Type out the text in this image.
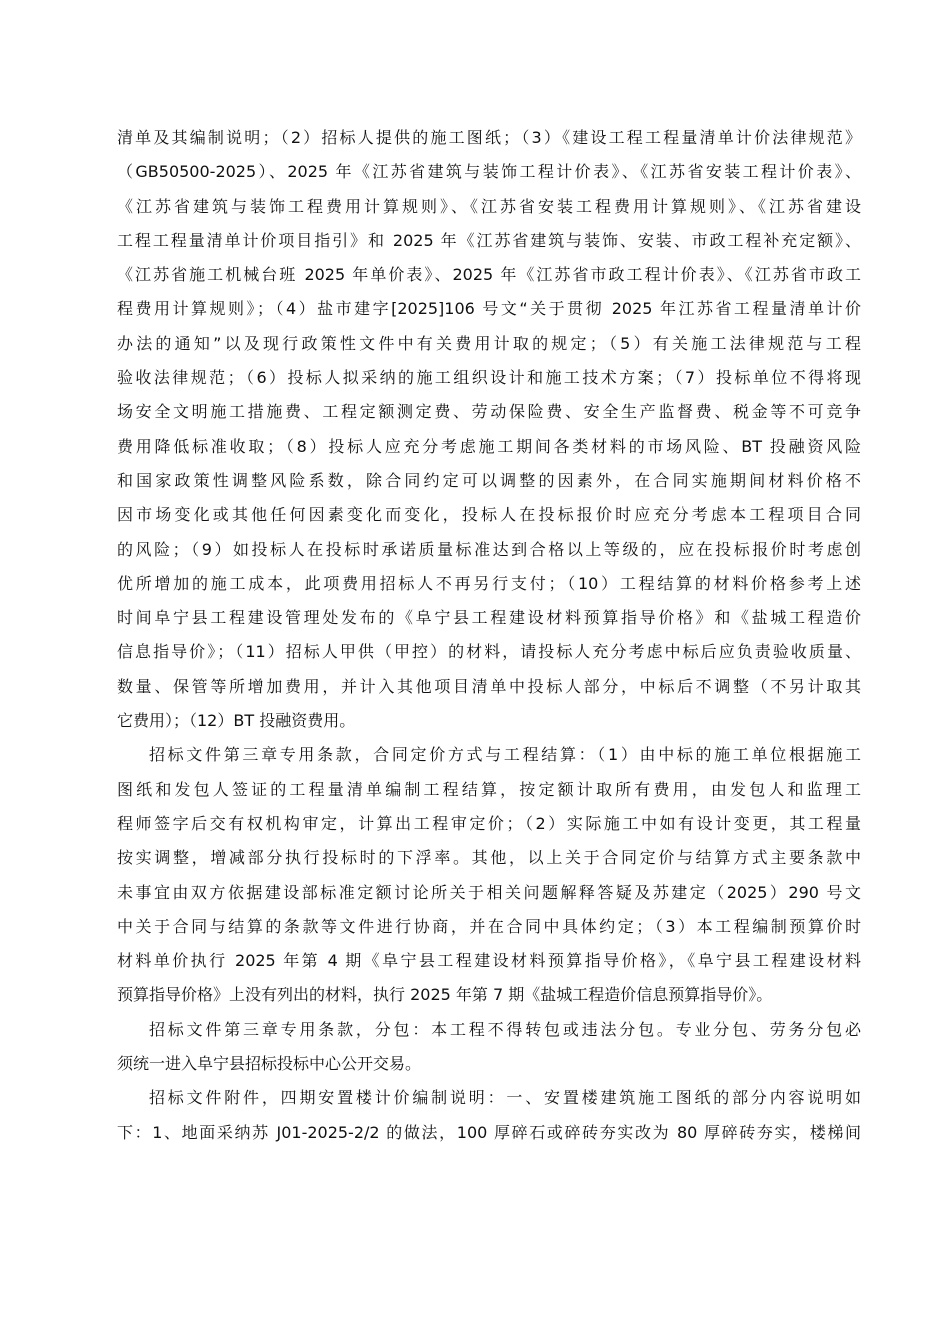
清单及其编制说明；（2）招标人提供的施工图纸；（3）《建设工程工程量清单计价法律规范》
（GB50500-2025）、2025 年《江苏省建筑与装饰工程计价表》、《江苏省安装工程计价表》、
《江苏省建筑与装饰工程费用计算规则》、《江苏省安装工程费用计算规则》、《江苏省建设
工程工程量清单计价项目指引》和 2025 年《江苏省建筑与装饰、安装、市政工程补充定额》、
《江苏省施工机械台班 2025 年单价表》、2025 年《江苏省市政工程计价表》、《江苏省市政工
程费用计算规则》；（4）盐市建字[2025]106 号文“关于贯彻 2025 年江苏省工程量清单计价
办法的通知”以及现行政策性文件中有关费用计取的规定；（5）有关施工法律规范与工程
验收法律规范；（6）投标人拟采纳的施工组织设计和施工技术方案；（7）投标单位不得将现
场安全文明施工措施费、工程定额测定费、劳动保险费、安全生产监督费、税金等不可竞争
费用降低标准收取；（8）投标人应充分考虑施工期间各类材料的市场风险、BT 投融资风险
和国家政策性调整风险系数，除合同约定可以调整的因素外，在合同实施期间材料价格不
因市场变化或其他任何因素变化而变化，投标人在投标报价时应充分考虑本工程项目合同
的风险；（9）如投标人在投标时承诺质量标准达到合格以上等级的，应在投标报价时考虑创
优所增加的施工成本，此项费用招标人不再另行支付；（10）工程结算的材料价格参考上述
时间阜宁县工程建设管理处发布的《阜宁县工程建设材料预算指导价格》和《盐城工程造价
信息指导价》；（11）招标人甲供（甲控）的材料，请投标人充分考虑中标后应负责验收质量、
数量、保管等所增加费用，并计入其他项目清单中投标人部分，中标后不调整（不另计取其
它费用）；（12）BT 投融资费用。
招标文件第三章专用条款，合同定价方式与工程结算：（1）由中标的施工单位根据施工
图纸和发包人签证的工程量清单编制工程结算，按定额计取所有费用，由发包人和监理工
程师签字后交有权机构审定，计算出工程审定价；（2）实际施工中如有设计变更，其工程量
按实调整，增减部分执行投标时的下浮率。其他，以上关于合同定价与结算方式主要条款中
未事宜由双方依据建设部标准定额讨论所关于相关问题解释答疑及苏建定（2025）290 号文
中关于合同与结算的条款等文件进行协商，并在合同中具体约定；（3）本工程编制预算价时
材料单价执行 2025 年第 4 期《阜宁县工程建设材料预算指导价格》，《阜宁县工程建设材料
预算指导价格》上没有列出的材料，执行 2025 年第 7 期《盐城工程造价信息预算指导价》。
招标文件第三章专用条款，分包：本工程不得转包或违法分包。专业分包、劳务分包必
须统一进入阜宁县招标投标中心公开交易。
招标文件附件，四期安置楼计价编制说明：一、安置楼建筑施工图纸的部分内容说明如
下：1、地面采纳苏 J01-2025-2/2 的做法，100 厚碎石或碎砖夯实改为 80 厚碎砖夯实，楼梯间
